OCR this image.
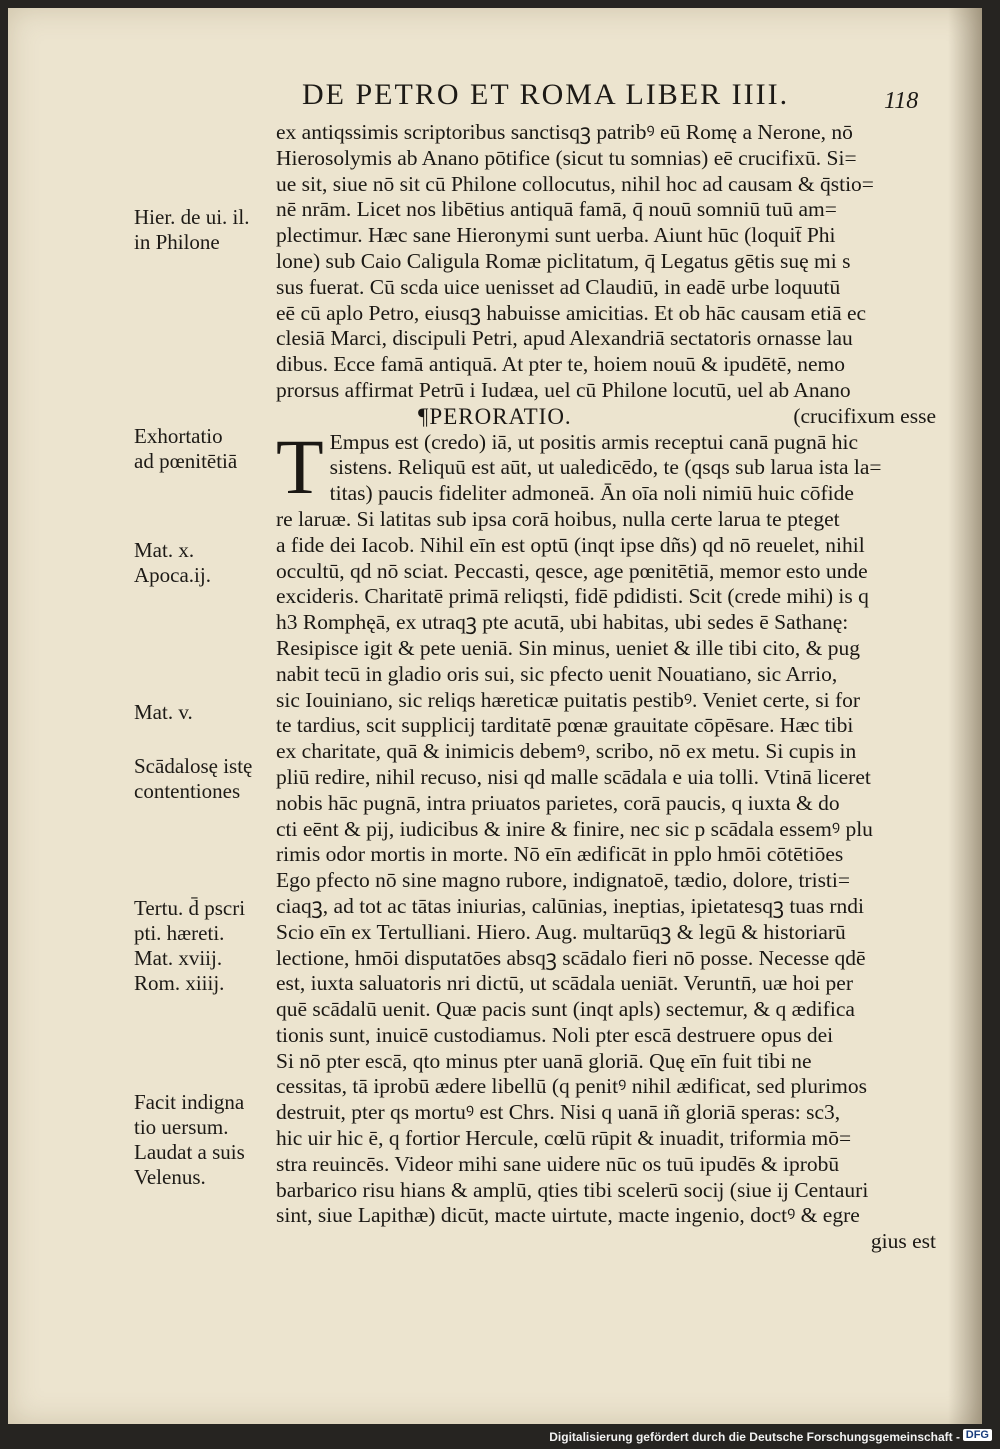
DE PETRO ET ROMA LIBER IIII.	118
Hier. de ui. il.
in Philone
Exhortatio
ad pœnitētiā
Mat. x.
Apoca.ij.
Mat. v.
Scādalosę istę
contentiones
Tertu. d̄ pscri
pti. hæreti.
Mat. xviij.
Rom. xiiij.
Facit indigna
tio uersum.
Laudat a suis
Velenus.
ex antiqssimis scriptoribus sanctisqꝫ patribꝰ eū Romę a Nerone, nō
Hierosolymis ab Anano pōtifice (sicut tu somnias) eē crucifixū. Si=
ue sit, siue nō sit cū Philone collocutus, nihil hoc ad causam & q̄stio=
nē nrām. Licet nos libētius antiquā famā, q̄ nouū somniū tuū am=
plectimur. Hæc sane Hieronymi sunt uerba. Aiunt hūc (loquit̄ Phi
lone) sub Caio Caligula Romæ piclitatum, q̄ Legatus gētis suę mi s
sus fuerat. Cū scda uice uenisset ad Claudiū, in eadē urbe loquutū
eē cū aplo Petro, eiusqꝫ habuisse amicitias. Et ob hāc causam etiā ec
clesiā Marci, discipuli Petri, apud Alexandriā sectatoris ornasse lau
dibus. Ecce famā antiquā. At pter te, hoiem nouū & ipudētē, nemo
prorsus affirmat Petrū i Iudæa, uel cū Philone locutū, uel ab Anano
¶PERORATIO.	(crucifixum esse
T Empus est (credo) iā, ut positis armis receptui canā pugnā hic
sistens. Reliquū est aūt, ut ualedicēdo, te (qsqs sub larua ista la=
titas) paucis fideliter admoneā. Ān oīa noli nimiū huic cōfide
re laruæ. Si latitas sub ipsa corā hoibus, nulla certe larua te pteget
a fide dei Iacob. Nihil eīn est optū (inqt ipse dñs) qd nō reuelet, nihil
occultū, qd nō sciat. Peccasti, qesce, age pœnitētiā, memor esto unde
excideris. Charitatē primā reliqsti, fidē pdidisti. Scit (crede mihi) is q
h3 Romphęā, ex utraqꝫ pte acutā, ubi habitas, ubi sedes ē Sathanę:
Resipisce igit & pete ueniā. Sin minus, ueniet & ille tibi cito, & pug
nabit tecū in gladio oris sui, sic pfecto uenit Nouatiano, sic Arrio,
sic Iouiniano, sic reliqs hæreticæ puitatis pestibꝰ. Veniet certe, si for
te tardius, scit supplicij tarditatē pœnæ grauitate cōpēsare. Hæc tibi
ex charitate, quā & inimicis debemꝰ, scribo, nō ex metu. Si cupis in
pliū redire, nihil recuso, nisi qd malle scādala e uia tolli. Vtinā liceret
nobis hāc pugnā, intra priuatos parietes, corā paucis, q iuxta & do
cti eēnt & pij, iudicibus & inire & finire, nec sic p scādala essemꝰ plu
rimis odor mortis in morte. Nō eīn ædificāt in pplo hmōi cōtētiōes
Ego pfecto nō sine magno rubore, indignatoē, tædio, dolore, tristi=
ciaqꝫ, ad tot ac tātas iniurias, calūnias, ineptias, ipietatesqꝫ tuas rndi
Scio eīn ex Tertulliani. Hiero. Aug. multarūqꝫ & legū & historiarū
lectione, hmōi disputatōes absqꝫ scādalo fieri nō posse. Necesse qdē
est, iuxta saluatoris nri dictū, ut scādala ueniāt. Veruntn̄, uæ hoi per
quē scādalū uenit. Quæ pacis sunt (inqt apls) sectemur, & q ædifica
tionis sunt, inuicē custodiamus. Noli pter escā destruere opus dei
Si nō pter escā, qto minus pter uanā gloriā. Quę eīn fuit tibi ne
cessitas, tā iprobū ædere libellū (q penitꝰ nihil ædificat, sed plurimos
destruit, pter qs mortuꝰ est Chrs. Nisi q uanā iñ gloriā speras: sc3,
hic uir hic ē, q fortior Hercule, cœlū rūpit & inuadit, triformia mō=
stra reuincēs. Videor mihi sane uidere nūc os tuū ipudēs & iprobū
barbarico risu hians & amplū, qties tibi scelerū socij (siue ij Centauri
sint, siue Lapithæ) dicūt, macte uirtute, macte ingenio, doctꝰ & egre
gius est
Digitalisierung gefördert durch die Deutsche Forschungsgemeinschaft - DFG
